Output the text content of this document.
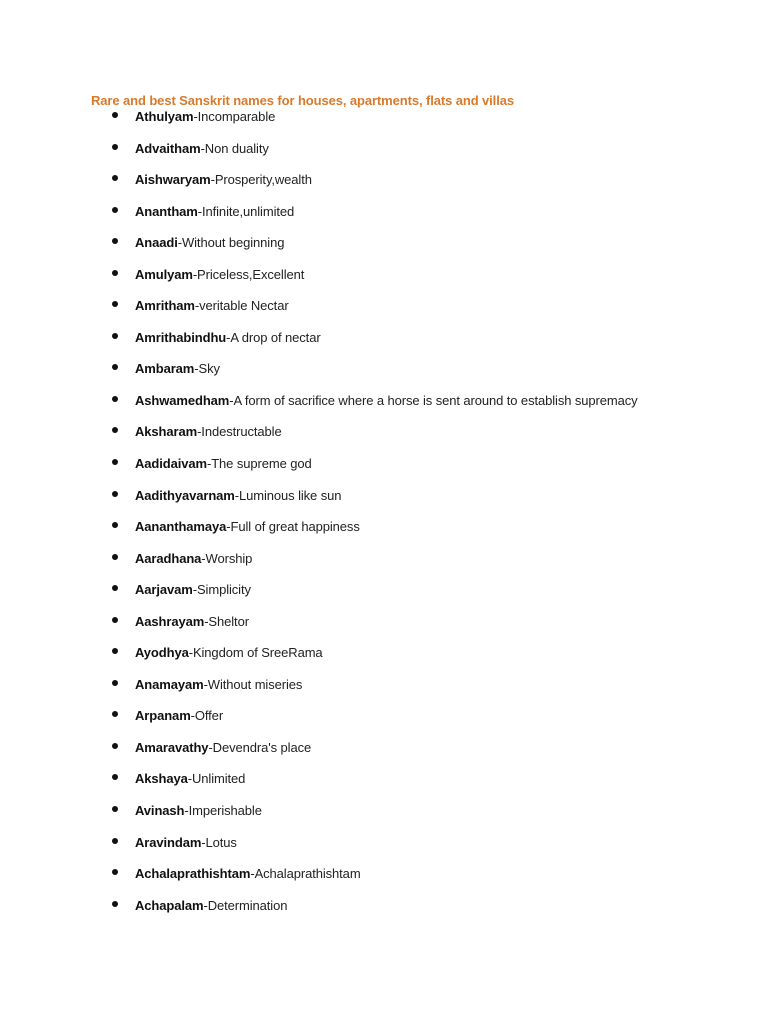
Rare and best Sanskrit names for houses, apartments, flats and villas
Athulyam-Incomparable
Advaitham-Non duality
Aishwaryam-Prosperity,wealth
Anantham-Infinite,unlimited
Anaadi-Without beginning
Amulyam-Priceless,Excellent
Amritham-veritable Nectar
Amrithabindhu-A drop of nectar
Ambaram-Sky
Ashwamedham-A form of sacrifice where a horse is sent around to establish supremacy
Aksharam-Indestructable
Aadidaivam-The supreme god
Aadithyavarnam-Luminous like sun
Aananthamaya-Full of great happiness
Aaradhana-Worship
Aarjavam-Simplicity
Aashrayam-Sheltor
Ayodhya-Kingdom of SreeRama
Anamayam-Without miseries
Arpanam-Offer
Amaravathy-Devendra's place
Akshaya-Unlimited
Avinash-Imperishable
Aravindam-Lotus
Achalaprathishtam-Achalaprathishtam
Achapalam-Determination
